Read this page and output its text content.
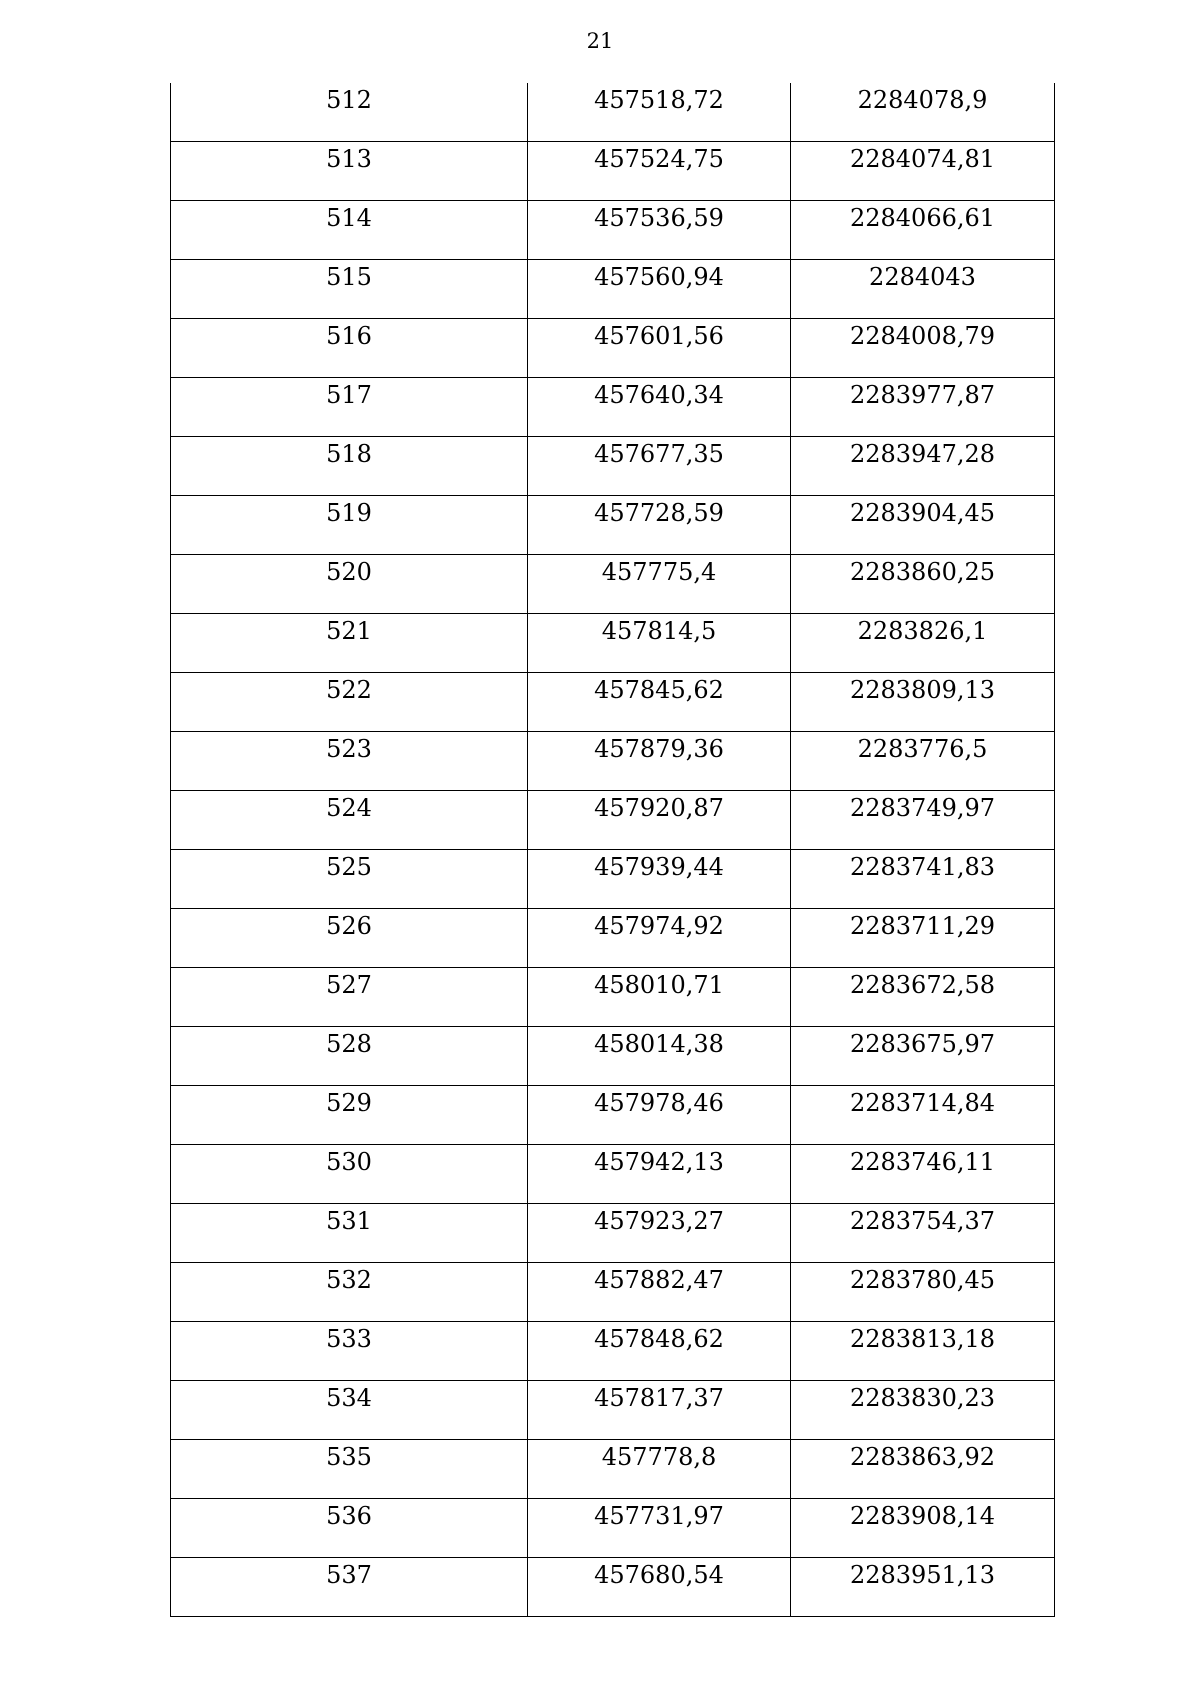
21
512	457518,72	2284078,9

513	457524,75	2284074,81

514	457536,59	2284066,61

515	457560,94	2284043

516	457601,56	2284008,79

517	457640,34	2283977,87

518	457677,35	2283947,28

519	457728,59	2283904,45

520	457775,4	2283860,25

521	457814,5	2283826,1

522	457845,62	2283809,13

523	457879,36	2283776,5

524	457920,87	2283749,97

525	457939,44	2283741,83

526	457974,92	2283711,29

527	458010,71	2283672,58

528	458014,38	2283675,97

529	457978,46	2283714,84

530	457942,13	2283746,11

531	457923,27	2283754,37

532	457882,47	2283780,45

533	457848,62	2283813,18

534	457817,37	2283830,23

535	457778,8	2283863,92

536	457731,97	2283908,14

537	457680,54	2283951,13
